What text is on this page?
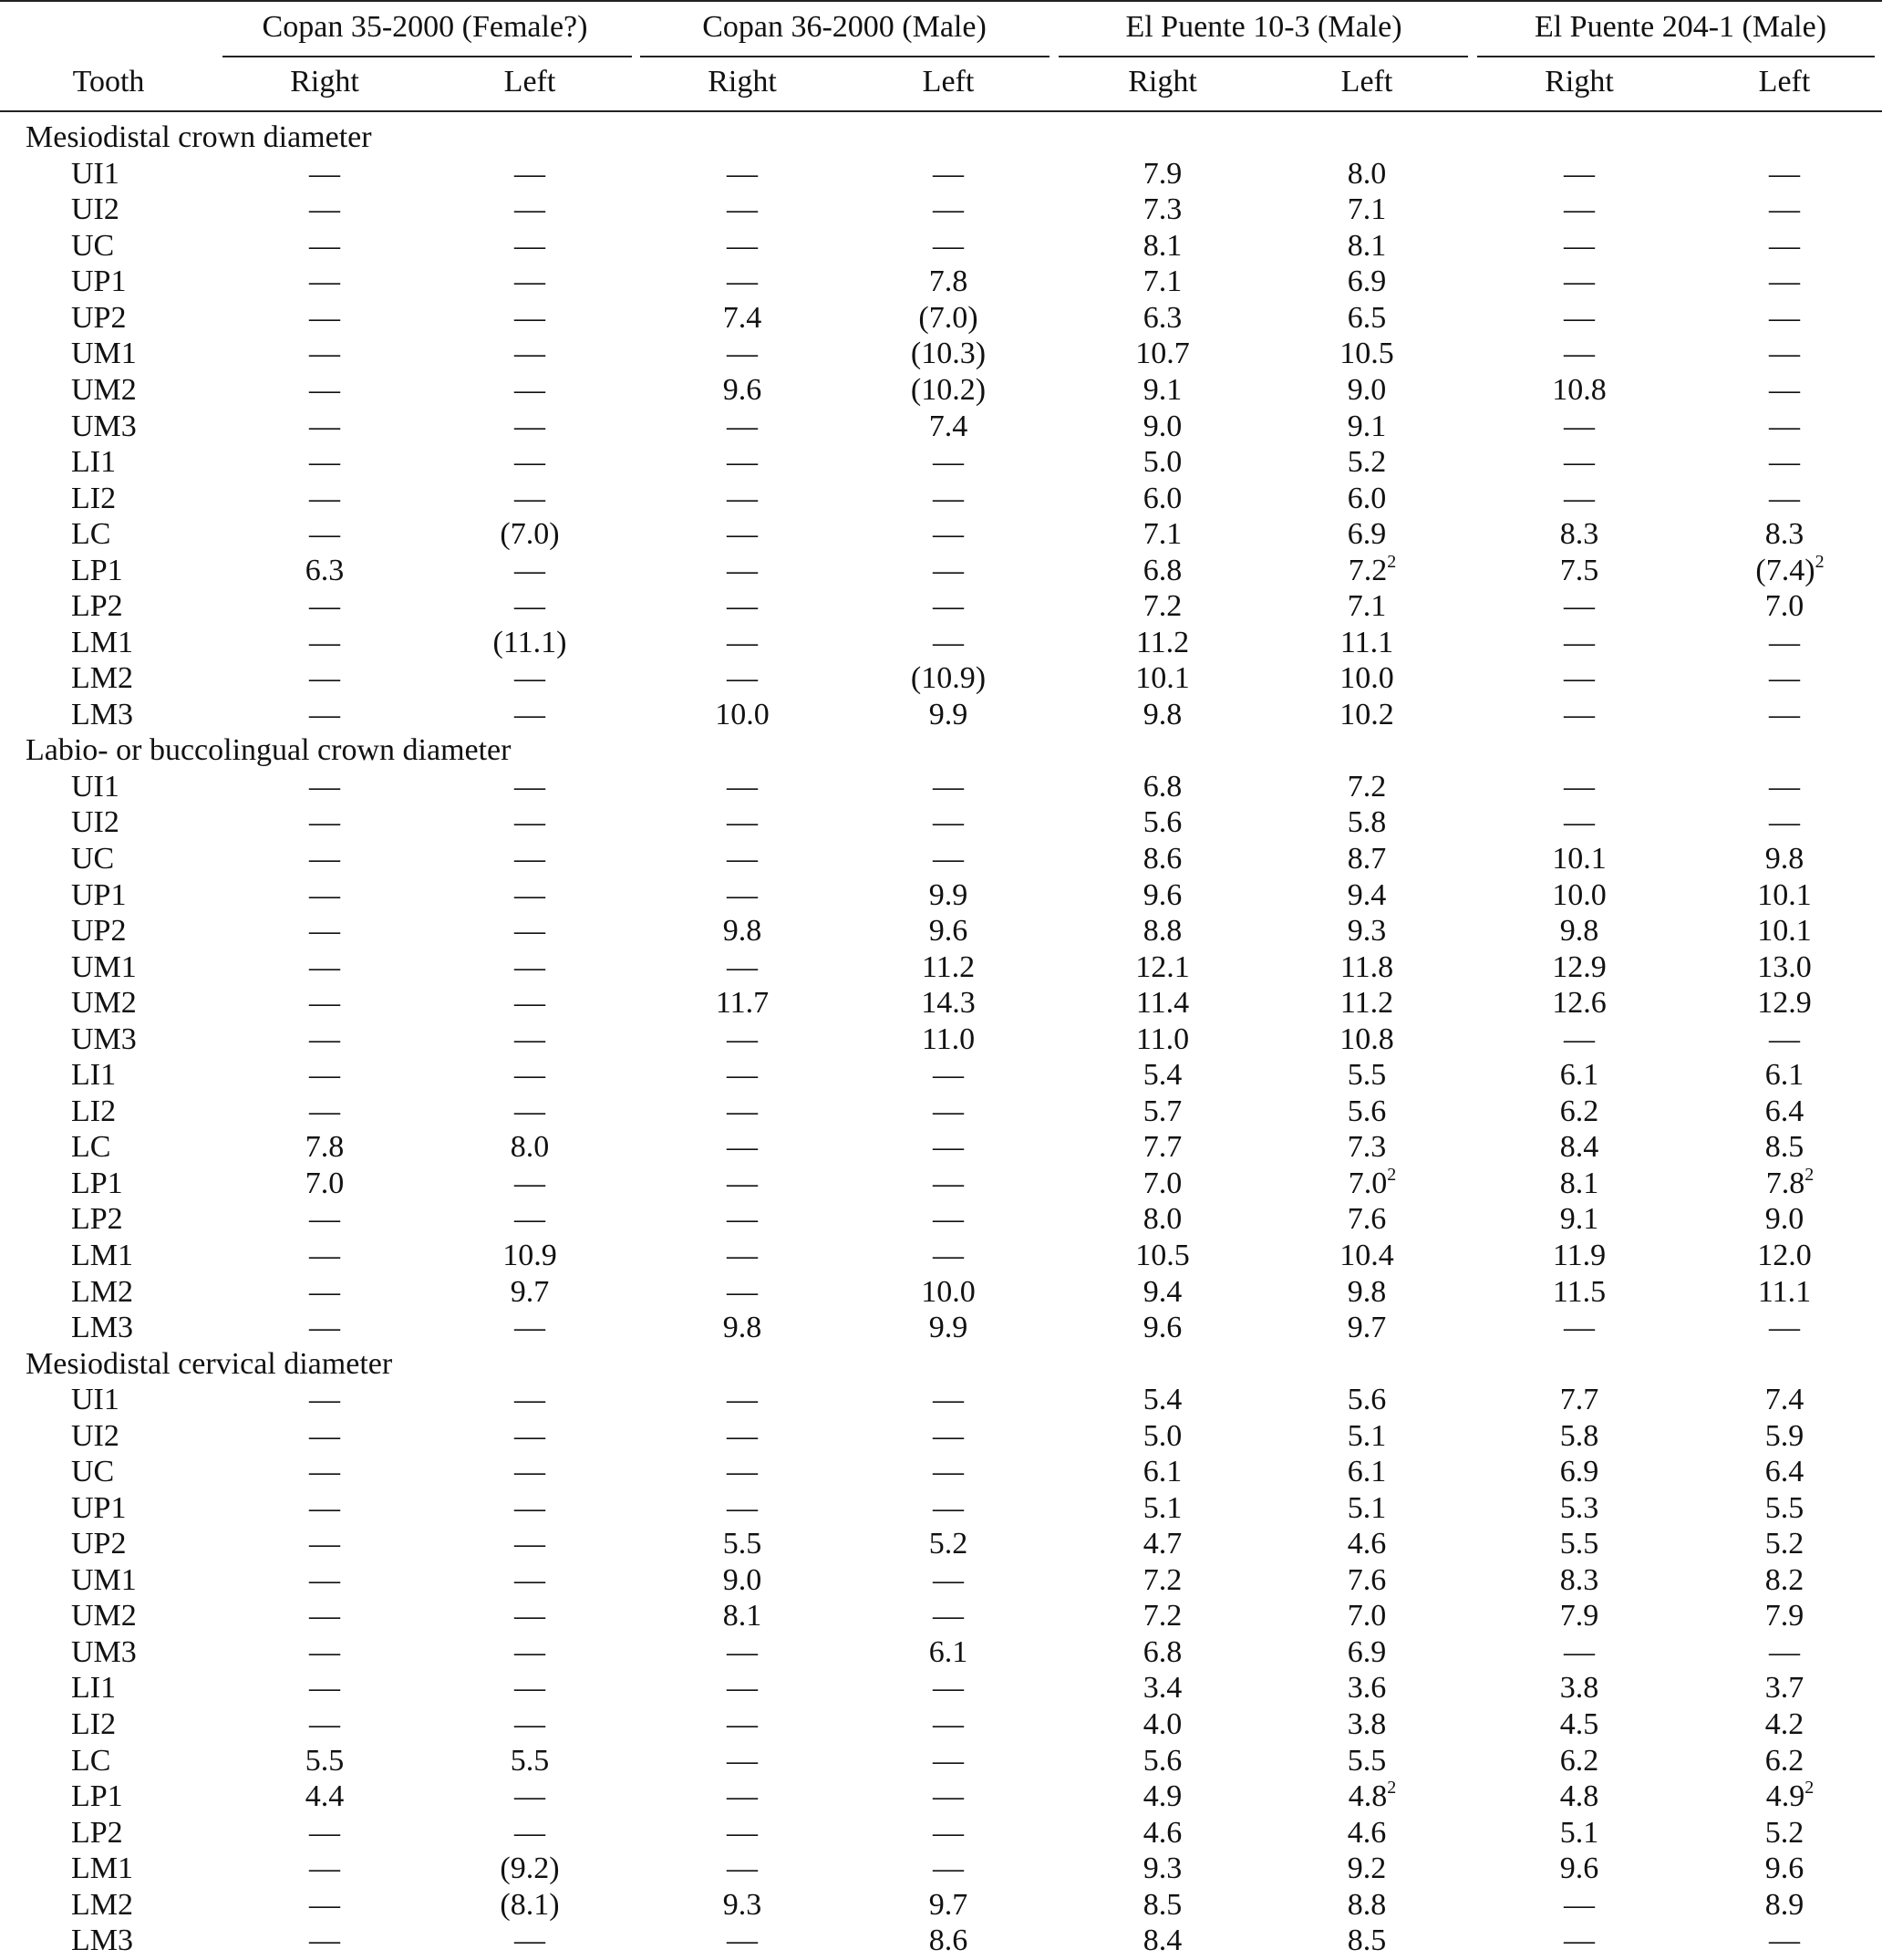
Copan 35-2000 (Female?)	Copan 36-2000 (Male)	El Puente 10-3 (Male)	El Puente 204-1 (Male)
Tooth	Right	Left	Right	Left	Right	Left	Right	Left
Mesiodistal crown diameter
UI1	—	—	—	—	7.9	8.0	—	—
UI2	—	—	—	—	7.3	7.1	—	—
UC	—	—	—	—	8.1	8.1	—	—
UP1	—	—	—	7.8	7.1	6.9	—	—
UP2	—	—	7.4	(7.0)	6.3	6.5	—	—
UM1	—	—	—	(10.3)	10.7	10.5	—	—
UM2	—	—	9.6	(10.2)	9.1	9.0	10.8	—
UM3	—	—	—	7.4	9.0	9.1	—	—
LI1	—	—	—	—	5.0	5.2	—	—
LI2	—	—	—	—	6.0	6.0	—	—
LC	—	(7.0)	—	—	7.1	6.9	8.3	8.3
LP1	6.3	—	—	—	6.8	$7.2^2$	7.5	$(7.4)^2$
LP2	—	—	—	—	7.2	7.1	—	7.0
LM1	—	(11.1)	—	—	11.2	11.1	—	—
LM2	—	—	—	(10.9)	10.1	10.0	—	—
LM3	—	—	10.0	9.9	9.8	10.2	—	—
Labio- or buccolingual crown diameter
UI1	—	—	—	—	6.8	7.2	—	—
UI2	—	—	—	—	5.6	5.8	—	—
UC	—	—	—	—	8.6	8.7	10.1	9.8
UP1	—	—	—	9.9	9.6	9.4	10.0	10.1
UP2	—	—	9.8	9.6	8.8	9.3	9.8	10.1
UM1	—	—	—	11.2	12.1	11.8	12.9	13.0
UM2	—	—	11.7	14.3	11.4	11.2	12.6	12.9
UM3	—	—	—	11.0	11.0	10.8	—	—
LI1	—	—	—	—	5.4	5.5	6.1	6.1
LI2	—	—	—	—	5.7	5.6	6.2	6.4
LC	7.8	8.0	—	—	7.7	7.3	8.4	8.5
LP1	7.0	—	—	—	7.0	$7.0^2$	8.1	$7.8^2$
LP2	—	—	—	—	8.0	7.6	9.1	9.0
LM1	—	10.9	—	—	10.5	10.4	11.9	12.0
LM2	—	9.7	—	10.0	9.4	9.8	11.5	11.1
LM3	—	—	9.8	9.9	9.6	9.7	—	—
Mesiodistal cervical diameter
UI1	—	—	—	—	5.4	5.6	7.7	7.4
UI2	—	—	—	—	5.0	5.1	5.8	5.9
UC	—	—	—	—	6.1	6.1	6.9	6.4
UP1	—	—	—	—	5.1	5.1	5.3	5.5
UP2	—	—	5.5	5.2	4.7	4.6	5.5	5.2
UM1	—	—	9.0	—	7.2	7.6	8.3	8.2
UM2	—	—	8.1	—	7.2	7.0	7.9	7.9
UM3	—	—	—	6.1	6.8	6.9	—	—
LI1	—	—	—	—	3.4	3.6	3.8	3.7
LI2	—	—	—	—	4.0	3.8	4.5	4.2
LC	5.5	5.5	—	—	5.6	5.5	6.2	6.2
LP1	4.4	—	—	—	4.9	$4.8^2$	4.8	$4.9^2$
LP2	—	—	—	—	4.6	4.6	5.1	5.2
LM1	—	(9.2)	—	—	9.3	9.2	9.6	9.6
LM2	—	(8.1)	9.3	9.7	8.5	8.8	—	8.9
LM3	—	—	—	8.6	8.4	8.5	—	—
